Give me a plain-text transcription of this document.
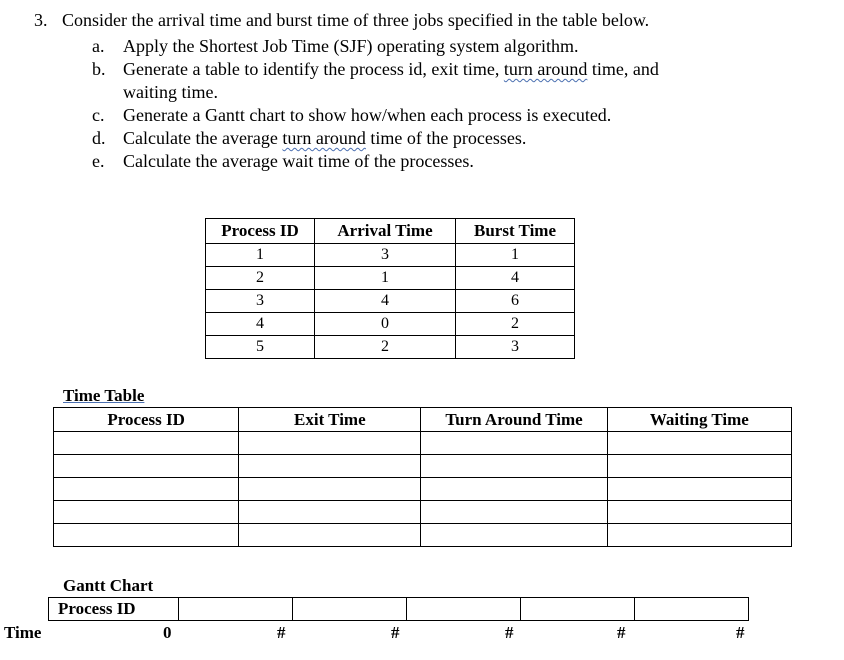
3. Consider the arrival time and burst time of three jobs specified in the table below.
a. Apply the Shortest Job Time (SJF) operating system algorithm.
b. Generate a table to identify the process id, exit time, turn around time, and
waiting time.
c. Generate a Gantt chart to show how/when each process is executed.
d. Calculate the average turn around time of the processes.
e. Calculate the average wait time of the processes.
Process ID	Arrival Time	Burst Time
1	3	1
2	1	4
3	4	6
4	0	2
5	2	3
Time Table
Process ID	Exit Time	Turn Around Time	Waiting Time

Gantt Chart
Process ID					
Time	0	#	#	#	#	#
